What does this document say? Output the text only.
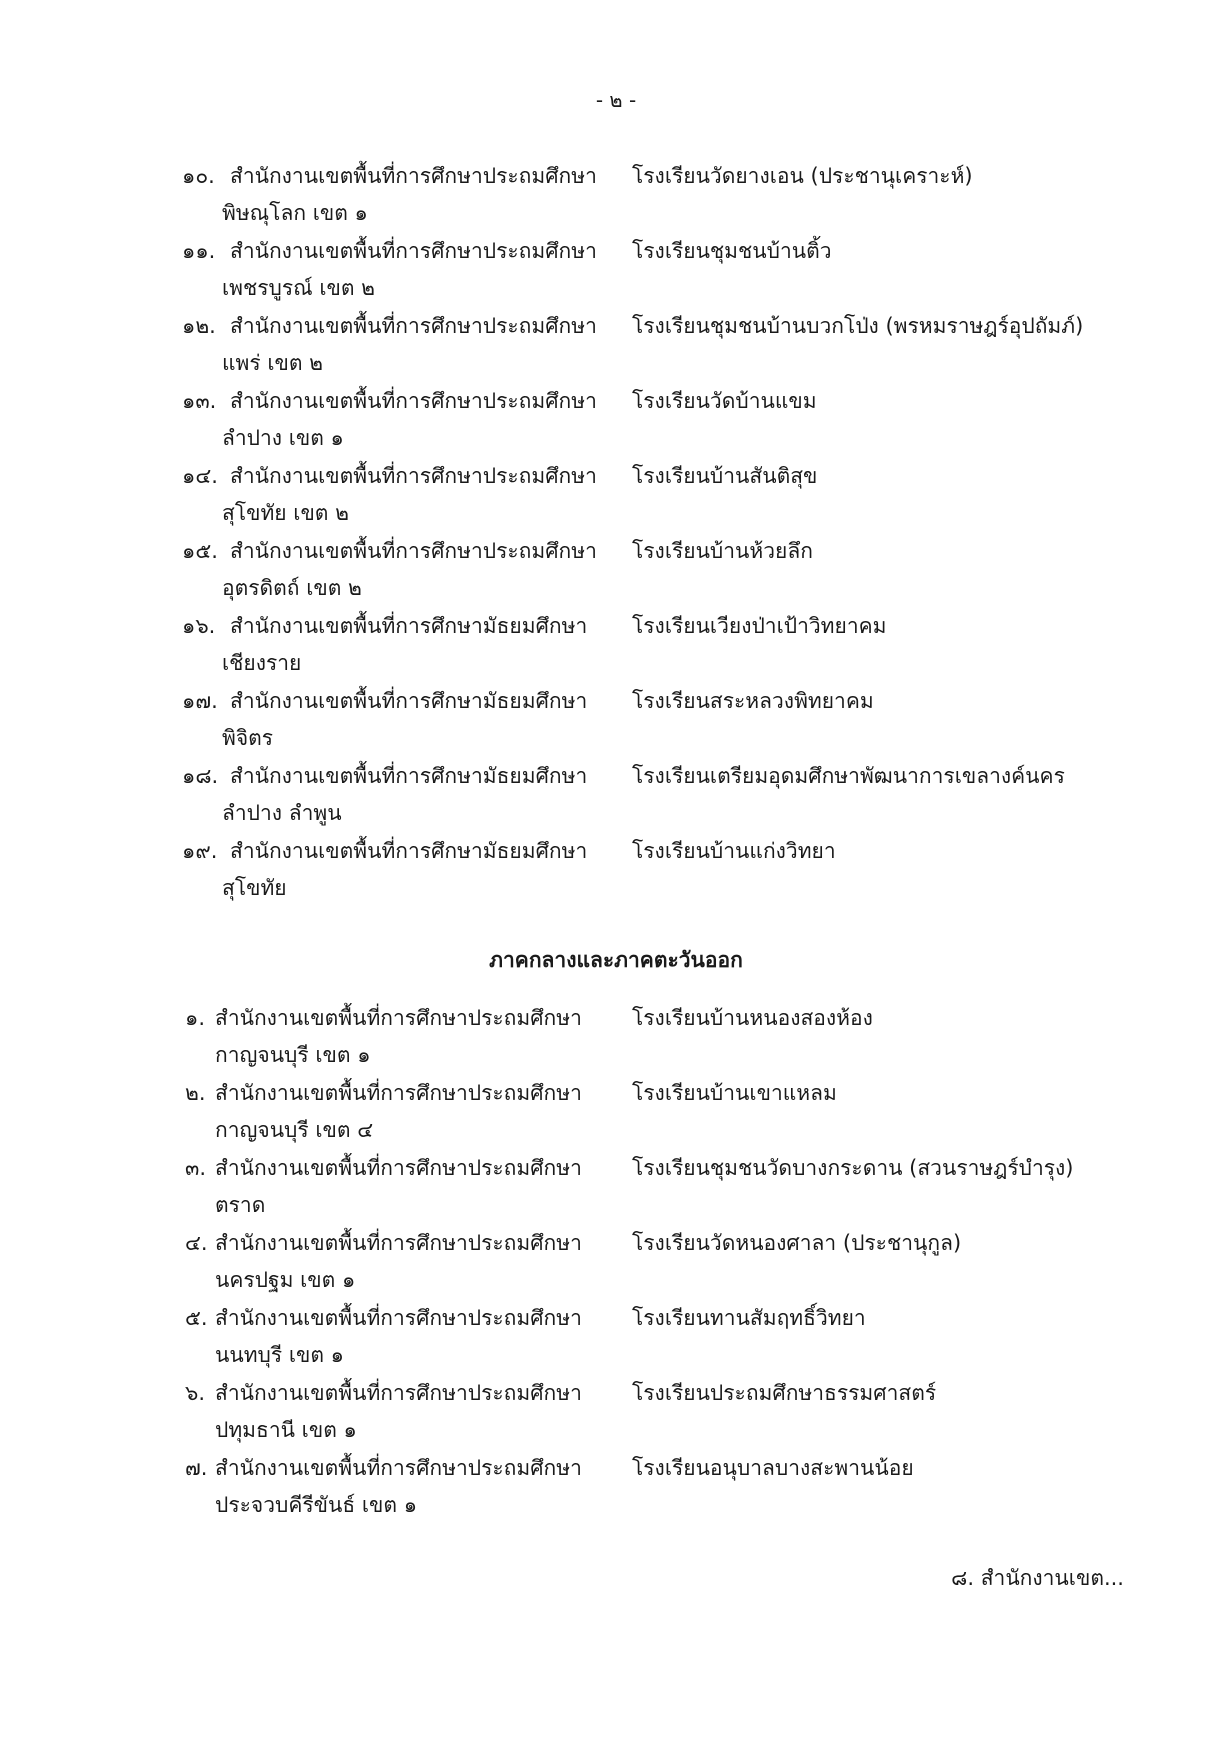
- ๒ -
๑๐. สำนักงานเขตพื้นที่การศึกษาประถมศึกษา
พิษณุโลก เขต ๑
โรงเรียนวัดยางเอน (ประชานุเคราะห์)
๑๑. สำนักงานเขตพื้นที่การศึกษาประถมศึกษา
เพชรบูรณ์ เขต ๒
โรงเรียนชุมชนบ้านติ้ว
๑๒. สำนักงานเขตพื้นที่การศึกษาประถมศึกษา
แพร่ เขต ๒
โรงเรียนชุมชนบ้านบวกโป่ง (พรหมราษฎร์อุปถัมภ์)
๑๓. สำนักงานเขตพื้นที่การศึกษาประถมศึกษา
ลำปาง เขต ๑
โรงเรียนวัดบ้านแขม
๑๔. สำนักงานเขตพื้นที่การศึกษาประถมศึกษา
สุโขทัย เขต ๒
โรงเรียนบ้านสันติสุข
๑๕. สำนักงานเขตพื้นที่การศึกษาประถมศึกษา
อุตรดิตถ์ เขต ๒
โรงเรียนบ้านห้วยลึก
๑๖. สำนักงานเขตพื้นที่การศึกษามัธยมศึกษา
เชียงราย
โรงเรียนเวียงป่าเป้าวิทยาคม
๑๗. สำนักงานเขตพื้นที่การศึกษามัธยมศึกษา
พิจิตร
โรงเรียนสระหลวงพิทยาคม
๑๘. สำนักงานเขตพื้นที่การศึกษามัธยมศึกษา
ลำปาง ลำพูน
โรงเรียนเตรียมอุดมศึกษาพัฒนาการเขลางค์นคร
๑๙. สำนักงานเขตพื้นที่การศึกษามัธยมศึกษา
สุโขทัย
โรงเรียนบ้านแก่งวิทยา
ภาคกลางและภาคตะวันออก
๑. สำนักงานเขตพื้นที่การศึกษาประถมศึกษา
กาญจนบุรี เขต ๑
โรงเรียนบ้านหนองสองห้อง
๒. สำนักงานเขตพื้นที่การศึกษาประถมศึกษา
กาญจนบุรี เขต ๔
โรงเรียนบ้านเขาแหลม
๓. สำนักงานเขตพื้นที่การศึกษาประถมศึกษา
ตราด
โรงเรียนชุมชนวัดบางกระดาน (สวนราษฎร์บำรุง)
๔. สำนักงานเขตพื้นที่การศึกษาประถมศึกษา
นครปฐม เขต ๑
โรงเรียนวัดหนองศาลา (ประชานุกูล)
๕. สำนักงานเขตพื้นที่การศึกษาประถมศึกษา
นนทบุรี เขต ๑
โรงเรียนทานสัมฤทธิ์วิทยา
๖. สำนักงานเขตพื้นที่การศึกษาประถมศึกษา
ปทุมธานี เขต ๑
โรงเรียนประถมศึกษาธรรมศาสตร์
๗. สำนักงานเขตพื้นที่การศึกษาประถมศึกษา
ประจวบคีรีขันธ์ เขต ๑
โรงเรียนอนุบาลบางสะพานน้อย
๘. สำนักงานเขต...
